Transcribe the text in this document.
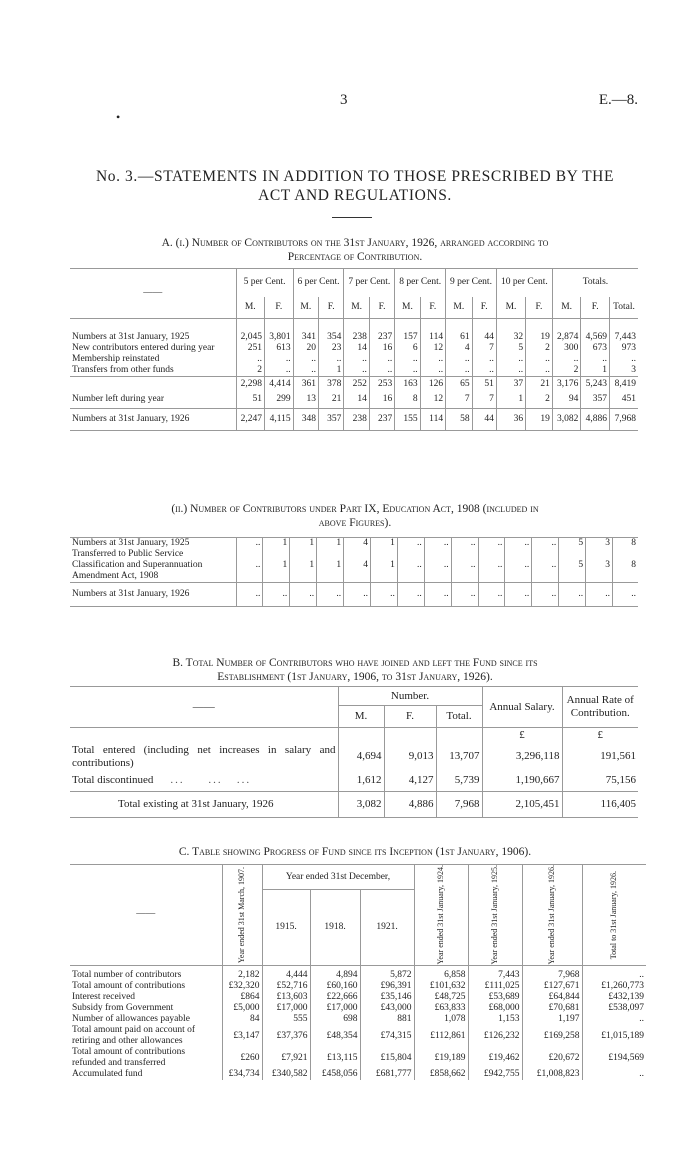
3	E.—8.
•
No. 3.—STATEMENTS IN ADDITION TO THOSE PRESCRIBED BY THE
ACT AND REGULATIONS.
A. (i.) Number of Contributors on the 31st January, 1926, arranged according to
Percentage of Contribution.
——	5 per Cent.		6 per Cent.		7 per Cent.		8 per Cent.		9 per Cent.		10 per Cent.		Totals.		
	M.	F.	M.	F.	M.	F.	M.	F.	M.	F.	M.	F.	M.	F.	Total.
Numbers at 31st January, 1925	2,045	3,801	341	354	238	237	157	114	61	44	32	19	2,874	4,569	7,443
New contributors entered during year	251	613	20	23	14	16	6	12	4	7	5	2	300	673	973
Membership reinstated	..	..	..	..	..	..	..	..	..	..	..	..	..	..	..
Transfers from other funds	2	..	..	1	..	..	..	..	..	..	..	..	2	1	3
	2,298	4,414	361	378	252	253	163	126	65	51	37	21	3,176	5,243	8,419
Number left during year	51	299	13	21	14	16	8	12	7	7	1	2	94	357	451
Numbers at 31st January, 1926	2,247	4,115	348	357	238	237	155	114	58	44	36	19	3,082	4,886	7,968
(ii.) Number of Contributors under Part IX, Education Act, 1908 (included in
above Figures).
Numbers at 31st January, 1925	..	1	1	1	4	1	..	..	..	..	..	..	5	3	8
Transferred to Public Service Classification and Superannuation Amendment Act, 1908	..	1	1	1	4	1	..	..	..	..	..	..	5	3	8
Numbers at 31st January, 1926	..	..	..	..	..	..	..	..	..	..	..	..	..	..	..
B. Total Number of Contributors who have joined and left the Fund since its
Establishment (1st January, 1906, to 31st January, 1926).
——	Number.			Annual Salary.	Annual Rate of Contribution.
	M.	F.	Total.		
				£	£
Total entered (including net increases in salary and contributions)	4,694	9,013	13,707	3,296,118	191,561
Total discontinued    ...     ...   ...	1,612	4,127	5,739	1,190,667	75,156
Total existing at 31st January, 1926	3,082	4,886	7,968	2,105,451	116,405
C. Table showing Progress of Fund since its Inception (1st January, 1906).
——	Year ended 31st March, 1907.	Year ended 31st December,			Year ended 31st January, 1924.	Year ended 31st January, 1925.	Year ended 31st January, 1926.	Total to 31st January, 1926.

		1915.	1918.	1921.				
Total number of contributors	2,182	4,444	4,894	5,872	6,858	7,443	7,968	..
Total amount of contributions	£32,320	£52,716	£60,160	£96,391	£101,632	£111,025	£127,671	£1,260,773
Interest received	£864	£13,603	£22,666	£35,146	£48,725	£53,689	£64,844	£432,139
Subsidy from Government	£5,000	£17,000	£17,000	£43,000	£63,833	£68,000	£70,681	£538,097
Number of allowances payable	84	555	698	881	1,078	1,153	1,197	..
Total amount paid on account of retiring and other allowances	£3,147	£37,376	£48,354	£74,315	£112,861	£126,232	£169,258	£1,015,189
Total amount of contributions refunded and transferred	£260	£7,921	£13,115	£15,804	£19,189	£19,462	£20,672	£194,569
Accumulated fund	£34,734	£340,582	£458,056	£681,777	£858,662	£942,755	£1,008,823	..
